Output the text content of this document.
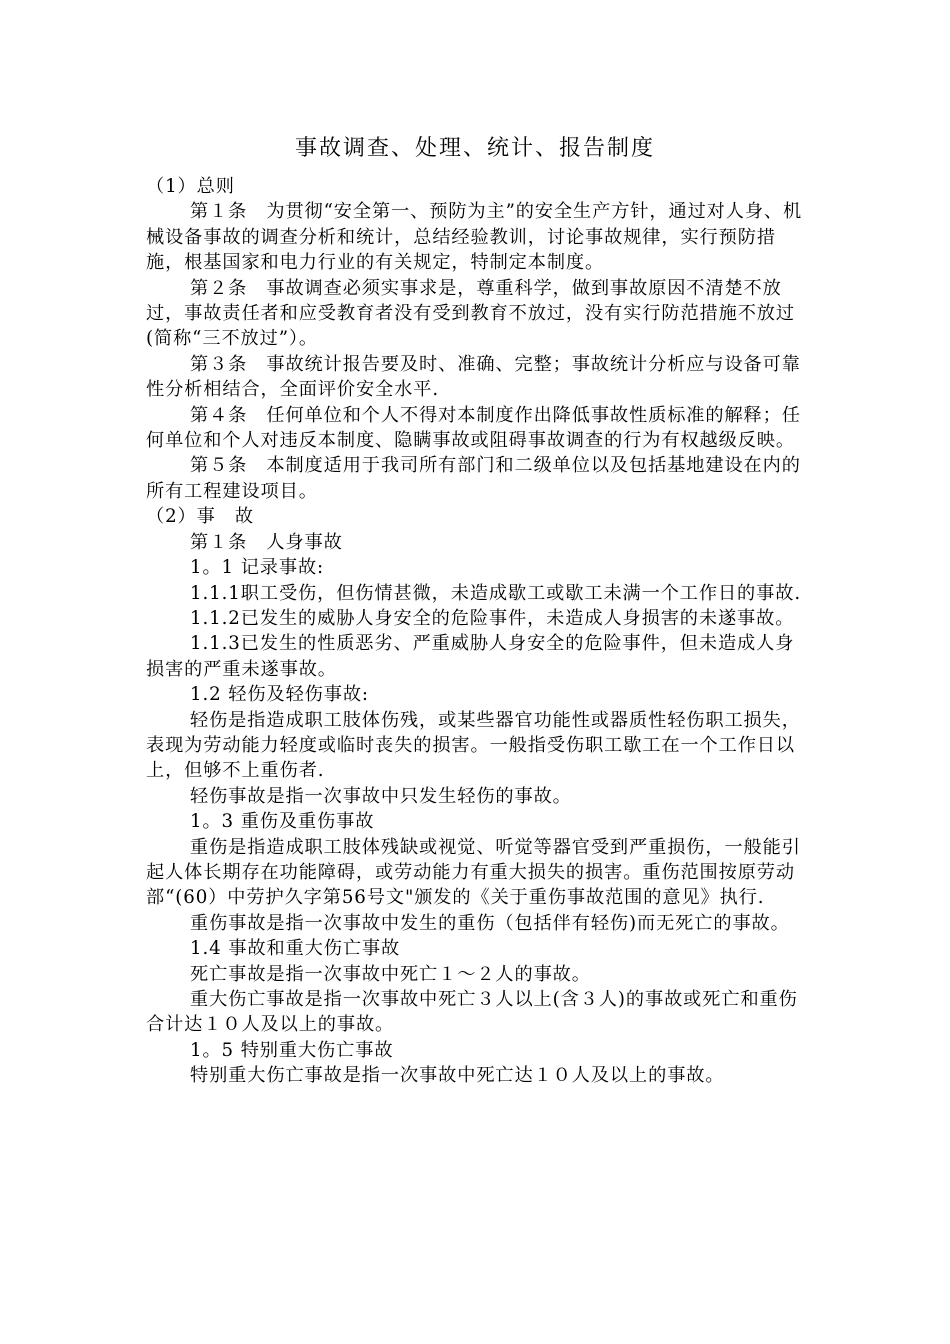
事故调查、处理、统计、报告制度

（1）总则

第１条　为贯彻“安全第一、预防为主”的安全生产方针，通过对人身、机械设备事故的调查分析和统计，总结经验教训，讨论事故规律，实行预防措施，根基国家和电力行业的有关规定，特制定本制度。

第２条　事故调查必须实事求是，尊重科学，做到事故原因不清楚不放过，事故责任者和应受教育者没有受到教育不放过，没有实行防范措施不放过(简称“三不放过”）。

第３条　事故统计报告要及时、准确、完整；事故统计分析应与设备可靠性分析相结合，全面评价安全水平.

第４条　任何单位和个人不得对本制度作出降低事故性质标准的解释；任何单位和个人对违反本制度、隐瞒事故或阻碍事故调查的行为有权越级反映。

第５条　本制度适用于我司所有部门和二级单位以及包括基地建设在内的所有工程建设项目。

（2）事　故

第１条　人身事故

1。1 记录事故:

1.1.1职工受伤，但伤情甚微，未造成歇工或歇工未满一个工作日的事故.

1.1.2已发生的威胁人身安全的危险事件，未造成人身损害的未遂事故。

1.1.3已发生的性质恶劣、严重威胁人身安全的危险事件，但未造成人身损害的严重未遂事故。

1.2 轻伤及轻伤事故:

轻伤是指造成职工肢体伤残，或某些器官功能性或器质性轻伤职工损失，表现为劳动能力轻度或临时丧失的损害。一般指受伤职工歇工在一个工作日以上，但够不上重伤者.

轻伤事故是指一次事故中只发生轻伤的事故。

1。3 重伤及重伤事故

重伤是指造成职工肢体残缺或视觉、听觉等器官受到严重损伤，一般能引起人体长期存在功能障碍，或劳动能力有重大损失的损害。重伤范围按原劳动部“(60）中劳护久字第56号文"颁发的《关于重伤事故范围的意见》执行.

重伤事故是指一次事故中发生的重伤（包括伴有轻伤)而无死亡的事故。

1.4 事故和重大伤亡事故

死亡事故是指一次事故中死亡１～２人的事故。

重大伤亡事故是指一次事故中死亡３人以上(含３人)的事故或死亡和重伤合计达１０人及以上的事故。

1。5 特别重大伤亡事故

特别重大伤亡事故是指一次事故中死亡达１０人及以上的事故。
